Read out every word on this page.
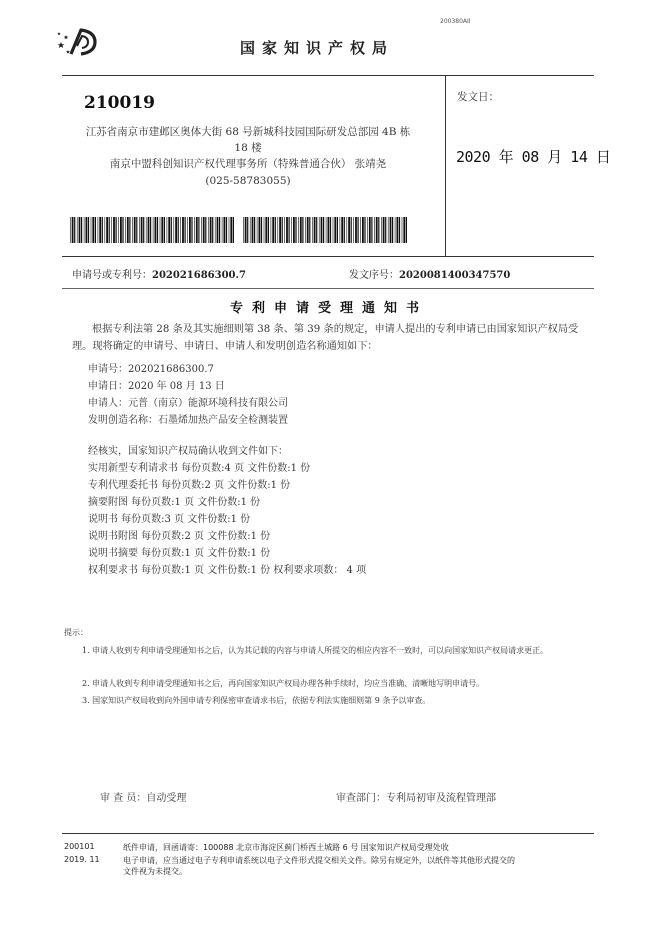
200380AII
国家知识产权局
210019
江苏省南京市建邺区奥体大街 68 号新城科技园国际研发总部园 4B 栋
18 楼
南京中盟科创知识产权代理事务所（特殊普通合伙） 张靖尧
(025-58783055)
发文日：
2020 年 08 月 14 日
申请号或专利号：202021686300.7	发文序号：2020081400347570
专利申请受理通知书
根据专利法第 28 条及其实施细则第 38 条、第 39 条的规定，申请人提出的专利申请已由国家知识产权局受理。现将确定的申请号、申请日、申请人和发明创造名称通知如下：
申请号：202021686300.7
申请日：2020 年 08 月 13 日
申请人：元普（南京）能源环境科技有限公司
发明创造名称：石墨烯加热产品安全检测装置
经核实，国家知识产权局确认收到文件如下：
实用新型专利请求书 每份页数:4 页 文件份数:1 份
专利代理委托书 每份页数:2 页 文件份数:1 份
摘要附图 每份页数:1 页 文件份数:1 份
说明书 每份页数:3 页 文件份数:1 份
说明书附图 每份页数:2 页 文件份数:1 份
说明书摘要 每份页数:1 页 文件份数:1 份
权利要求书 每份页数:1 页 文件份数:1 份 权利要求项数： 4 项
提示：
1. 申请人收到专利申请受理通知书之后，认为其记载的内容与申请人所提交的相应内容不一致时，可以向国家知识产权局请求更正。
2. 申请人收到专利申请受理通知书之后，再向国家知识产权局办理各种手续时，均应当准确、清晰地写明申请号。
3. 国家知识产权局收到向外国申请专利保密审查请求书后，依据专利法实施细则第 9 条予以审查。
审 查 员：自动受理	审查部门：专利局初审及流程管理部
200101	纸件申请，回函请寄：100088 北京市海淀区蓟门桥西土城路 6 号 国家知识产权局受理处收
2019. 11	电子申请，应当通过电子专利申请系统以电子文件形式提交相关文件。除另有规定外，以纸件等其他形式提交的
文件视为未提交。
